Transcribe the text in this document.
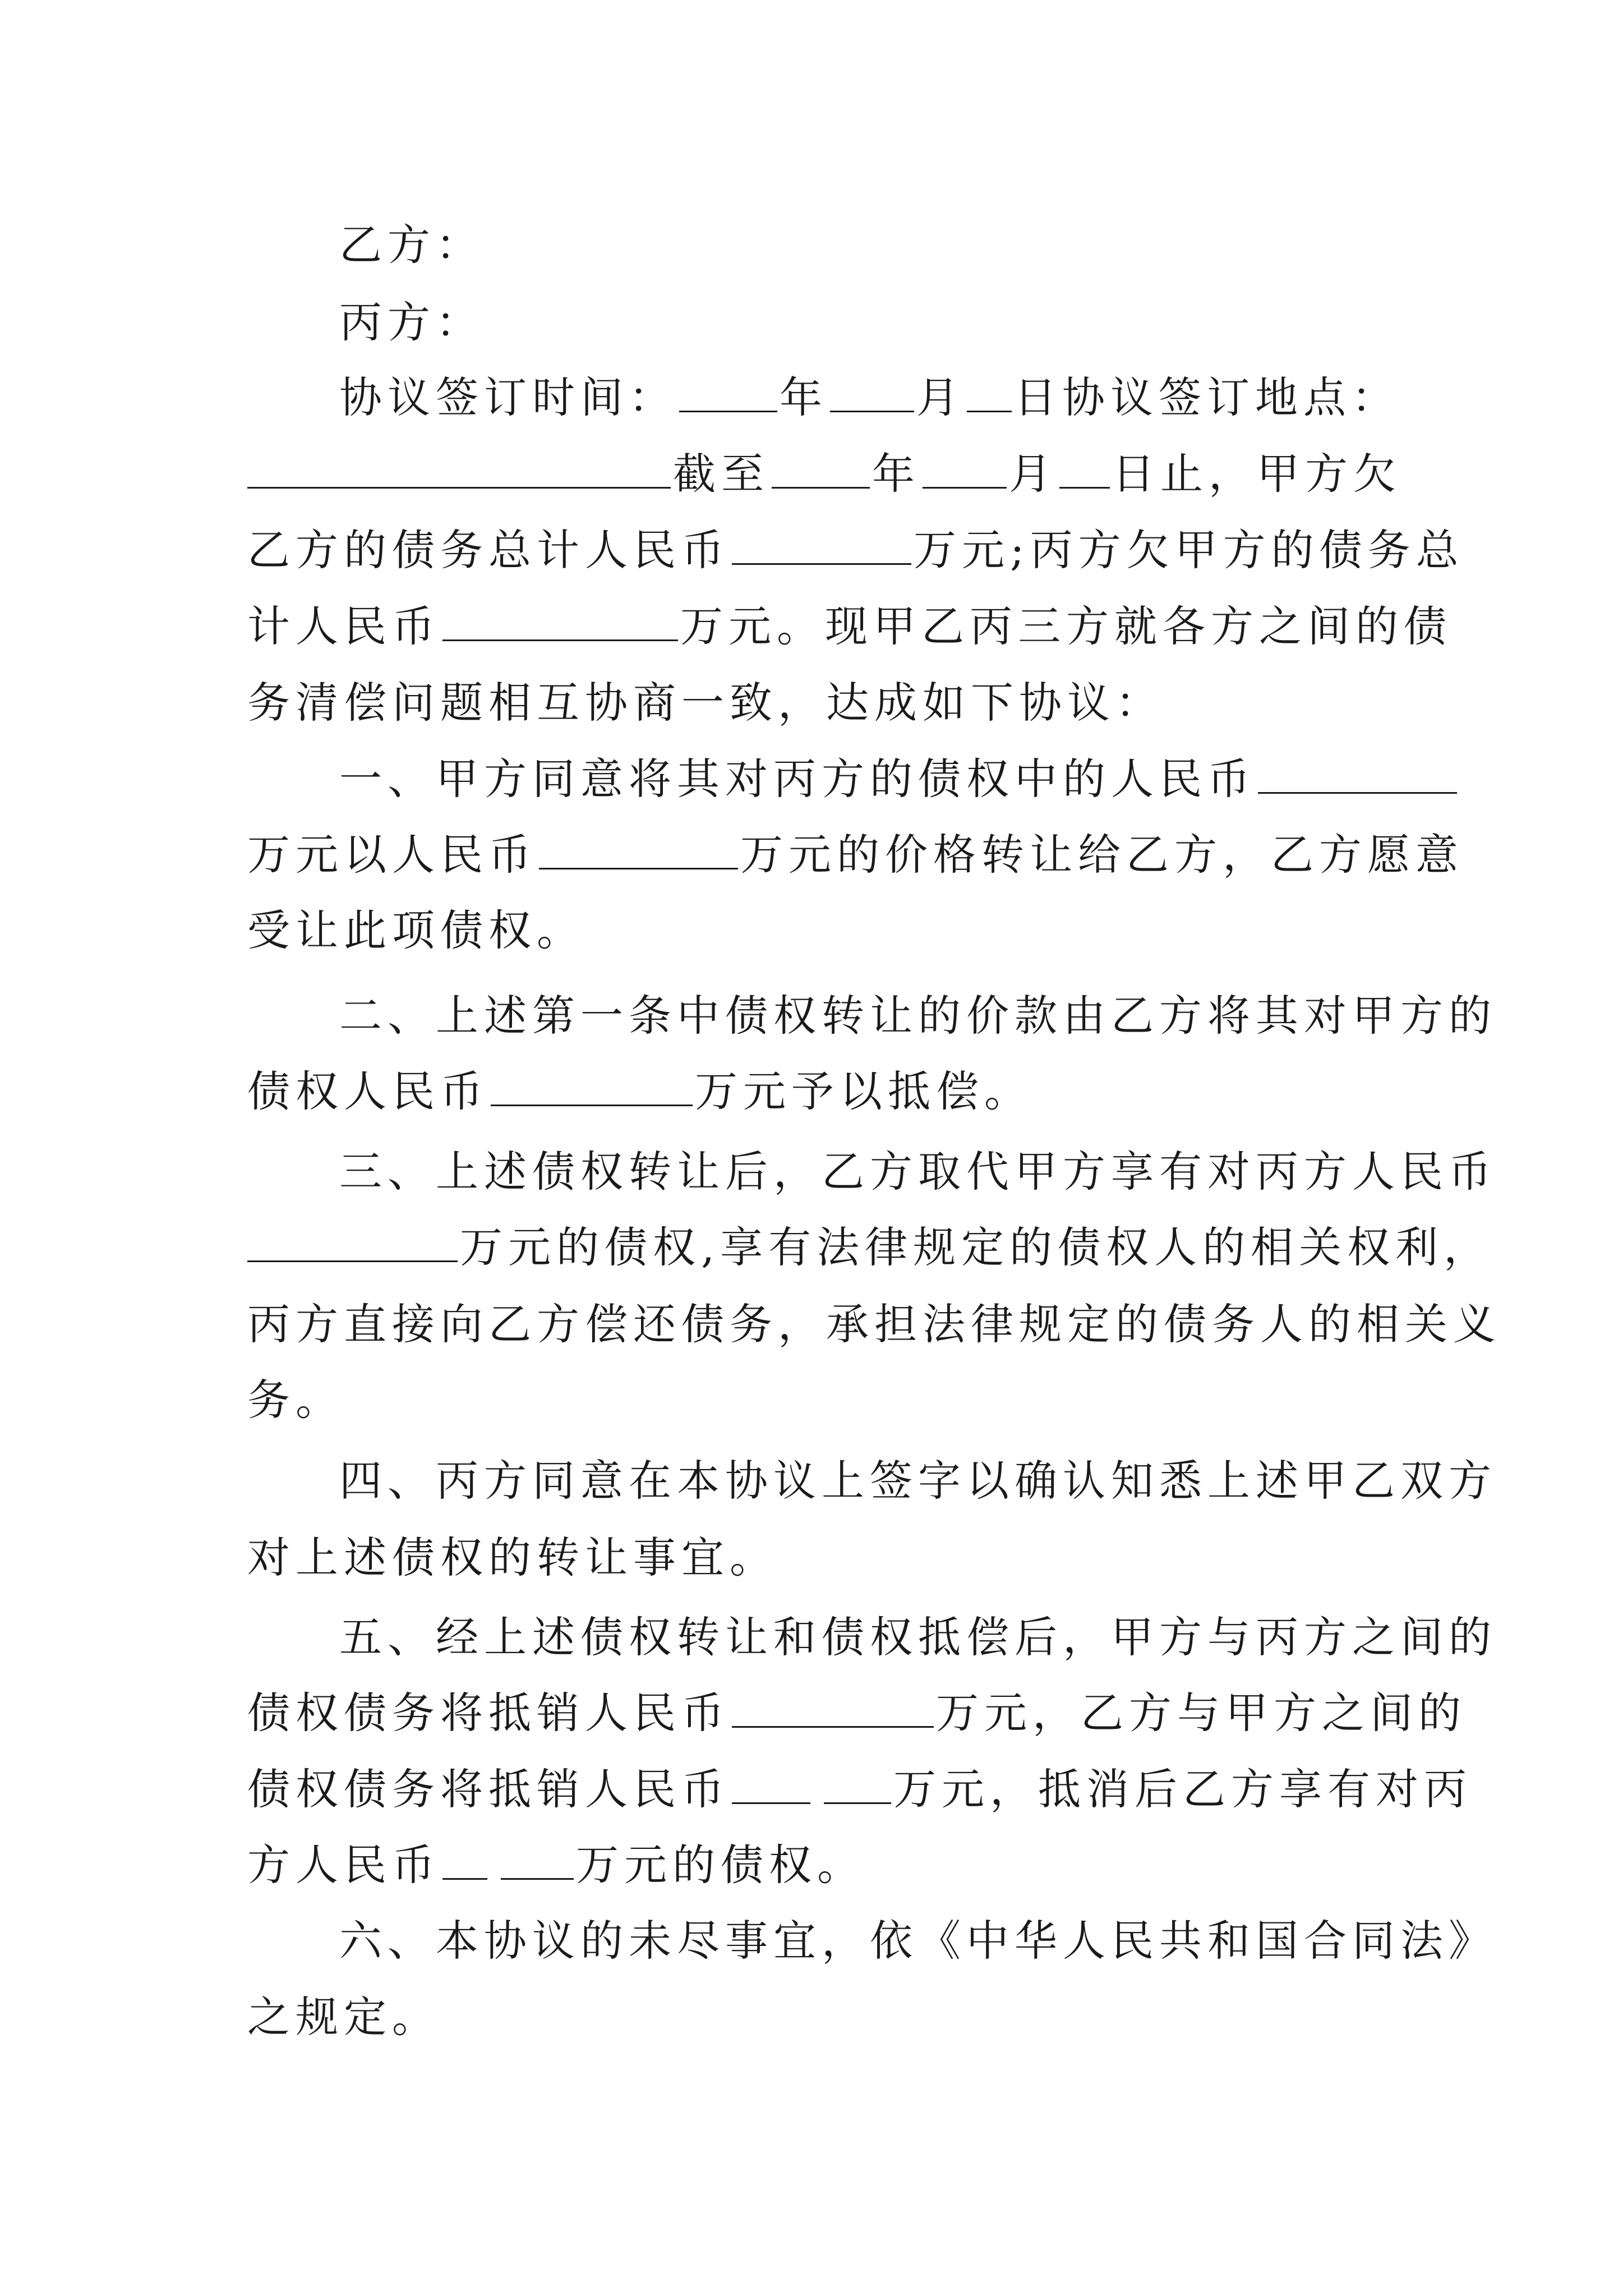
乙方：
丙方：
协议签订时间： 年 月 日协议签订地点：
截至 年 月 日止，甲方欠
乙方的债务总计人民币	万元;丙方欠甲方的债务总
计人民币	万元。现甲乙丙三方就各方之间的债
务清偿问题相互协商一致，达成如下协议：
一、甲方同意将其对丙方的债权中的人民币
万元以人民币	万元的价格转让给乙方，乙方愿意
受让此项债权。
二、上述第一条中债权转让的价款由乙方将其对甲方的
债权人民币	万元予以抵偿。
三、上述债权转让后，乙方取代甲方享有对丙方人民币
万元的债权,享有法律规定的债权人的相关权利，
丙方直接向乙方偿还债务，承担法律规定的债务人的相关义
务。
四、丙方同意在本协议上签字以确认知悉上述甲乙双方
对上述债权的转让事宜。
五、经上述债权转让和债权抵偿后，甲方与丙方之间的
债权债务将抵销人民币	万元，乙方与甲方之间的
债权债务将抵销人民币	万元，抵消后乙方享有对丙
方人民币	万元的债权。
六、本协议的未尽事宜，依《中华人民共和国合同法》
之规定。
